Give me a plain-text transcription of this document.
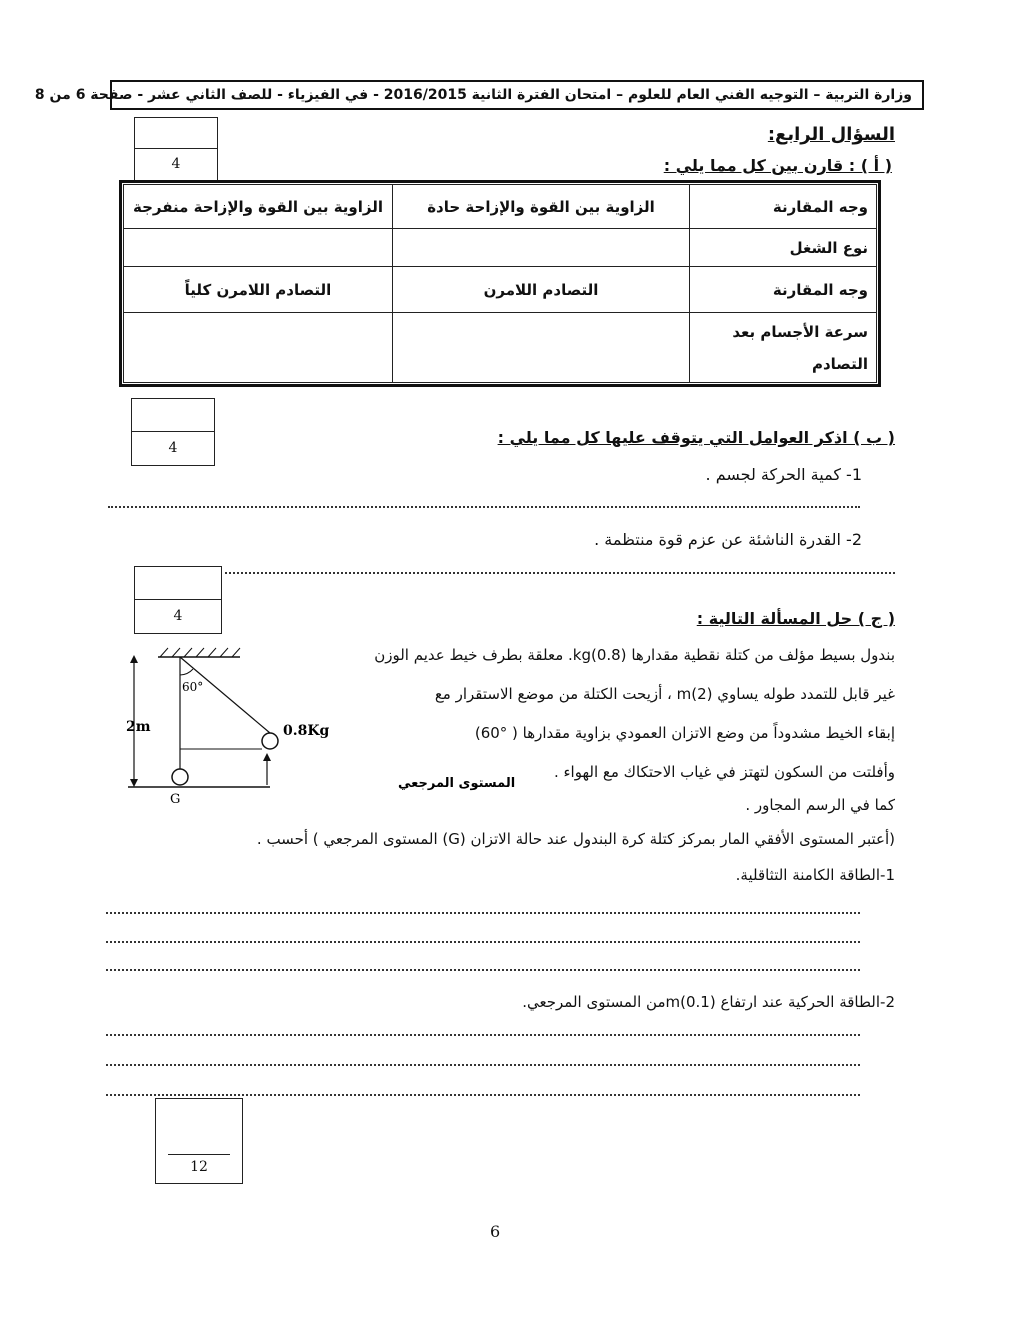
وزارة التربية – التوجيه الفني العام للعلوم – امتحان الفترة الثانية 2016/2015 - في الفيزياء - للصف الثاني عشر - صفحة 6 من 8
4
السؤال الرابع:
( أ ) : قارن بين كل مما يلي :
وجه المقارنة	الزاوية بين القوة والإزاحة حادة	الزاوية بين القوة والإزاحة منفرجة
نوع الشغل		
وجه المقارنة	التصادم اللامرن	التصادم اللامرن كلياً
سرعة الأجسام بعد التصادم		
4
( ب ) اذكر العوامل التي يتوقف عليها كل مما يلي :
1- كمية الحركة لجسم .
2- القدرة الناشئة عن عزم قوة منتظمة .
4	( ج ) حل المسألة التالية :
بندول بسيط مؤلف من كتلة نقطية مقدارها kg(0.8). معلقة بطرف خيط عديم الوزن
غير قابل للتمدد طوله يساوي m(2) ، أزيحت الكتلة من موضع الاستقرار مع
إبقاء الخيط مشدوداً من وضع الاتزان العمودي بزاوية مقدارها ( °60)
وأفلتت من السكون لتهتز في غياب الاحتكاك مع الهواء .
كما في الرسم المجاور .
(أعتبر المستوى الأفقي المار بمركز كتلة كرة البندول عند حالة الاتزان (G) المستوى المرجعي ) أحسب .
1-الطاقة الكامنة التثاقلية.
2-الطاقة الحركية عند ارتفاع m(0.1)من المستوى المرجعي.
60°
2m	0.8Kg
المستوى المرجعي
G
12
6
